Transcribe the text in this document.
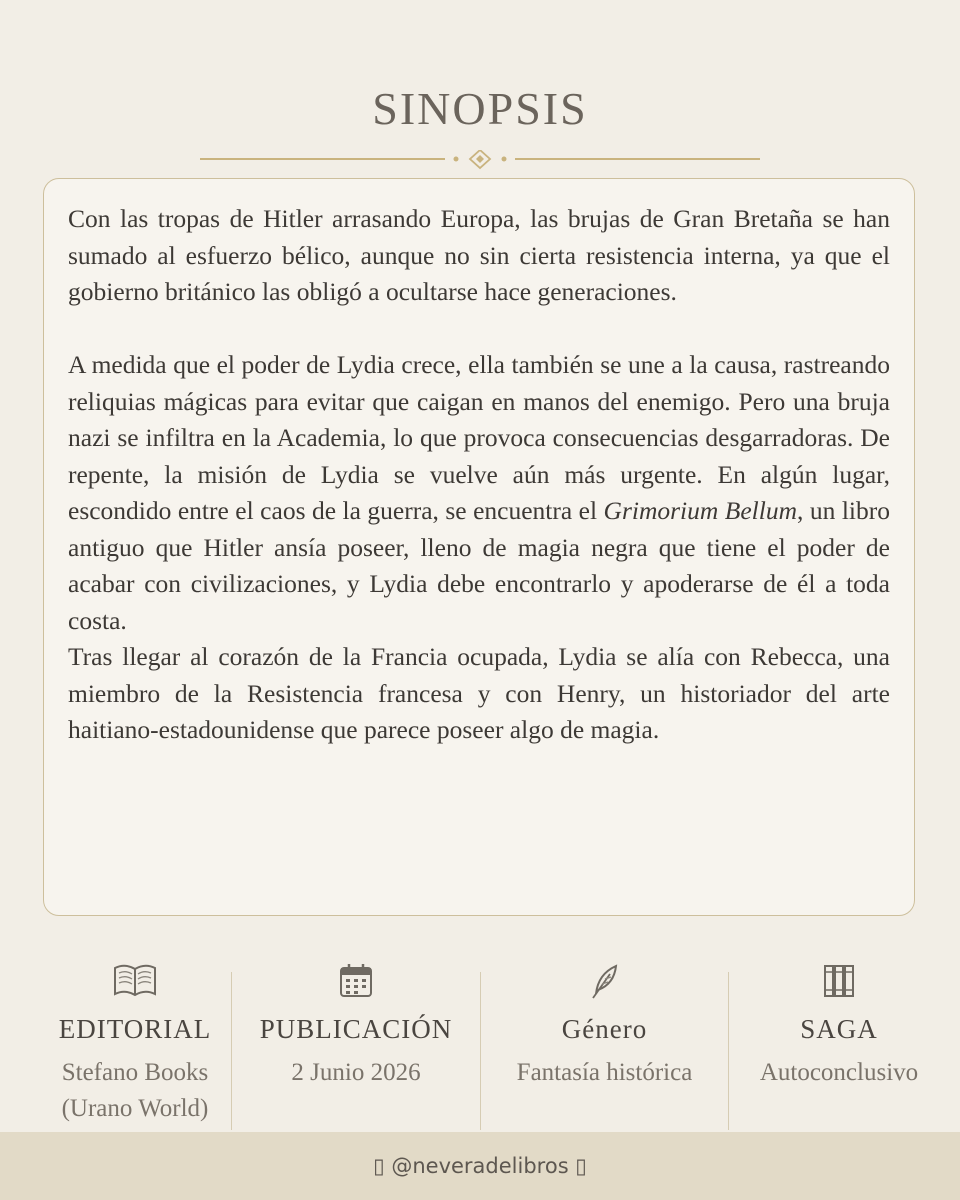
SINOPSIS

Con las tropas de Hitler arrasando Europa, las brujas de Gran Bretaña se han sumado al esfuerzo bélico, aunque no sin cierta resistencia interna, ya que el gobierno británico las obligó a ocultarse hace generaciones.

A medida que el poder de Lydia crece, ella también se une a la causa, rastreando reliquias mágicas para evitar que caigan en manos del enemigo. Pero una bruja nazi se infiltra en la Academia, lo que provoca consecuencias desgarradoras. De repente, la misión de Lydia se vuelve aún más urgente. En algún lugar, escondido entre el caos de la guerra, se encuentra el Grimorium Bellum, un libro antiguo que Hitler ansía poseer, lleno de magia negra que tiene el poder de acabar con civilizaciones, y Lydia debe encontrarlo y apoderarse de él a toda costa.

Tras llegar al corazón de la Francia ocupada, Lydia se alía con Rebecca, una miembro de la Resistencia francesa y con Henry, un historiador del arte haitiano-estadounidense que parece poseer algo de magia.

EDITORIAL
Stefano Books
(Urano World)
PUBLICACIÓN
2 Junio 2026
Género
Fantasía histórica
SAGA
Autoconclusivo
▯ @neveradelibros ▯
